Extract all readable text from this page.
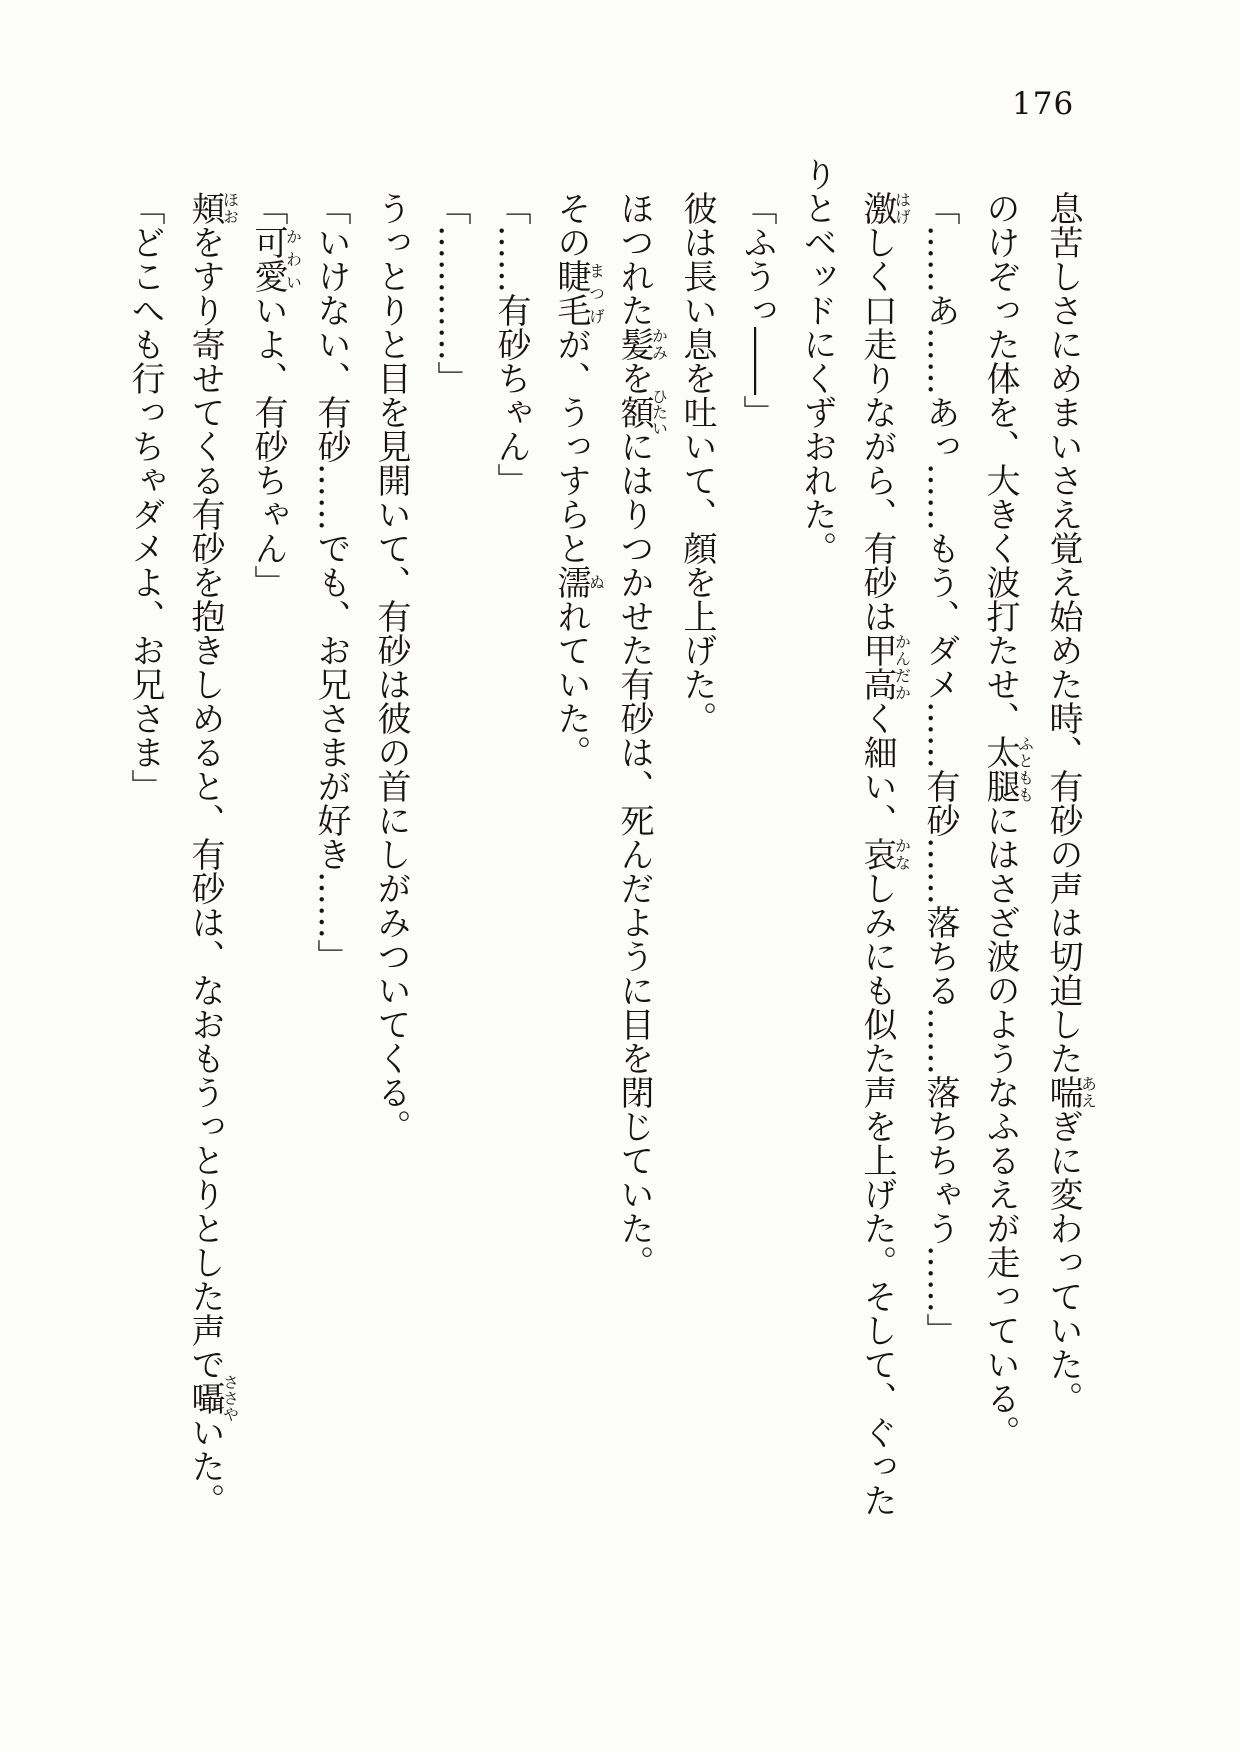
176

息苦しさにめまいさえ覚え始めた時、有砂の声は切迫した喘あえぎに変わっていた。

のけぞった体を、大きく波打たせ、太腿ふとももにはさざ波のようなふるえが走っている。

「……あ……あっ……もう、ダメ……有砂……落ちる……落ちちゃう……」

激はげしく口走りながら、有砂は甲高かんだかく細い、哀かなしみにも似た声を上げた。そして、ぐったりとベッドにくずおれた。

「ふうっ――」

彼は長い息を吐いて、顔を上げた。

ほつれた髪かみを額ひたいにはりつかせた有砂は、死んだように目を閉じていた。

その睫毛まつげが、うっすらと濡ぬれていた。

「……有砂ちゃん」

「…………」

うっとりと目を見開いて、有砂は彼の首にしがみついてくる。

「いけない、有砂……でも、お兄さまが好き……」

「可愛かわいいよ、有砂ちゃん」

頬ほおをすり寄せてくる有砂を抱きしめると、有砂は、なおもうっとりとした声で囁ささやいた。

「どこへも行っちゃダメよ、お兄さま」
